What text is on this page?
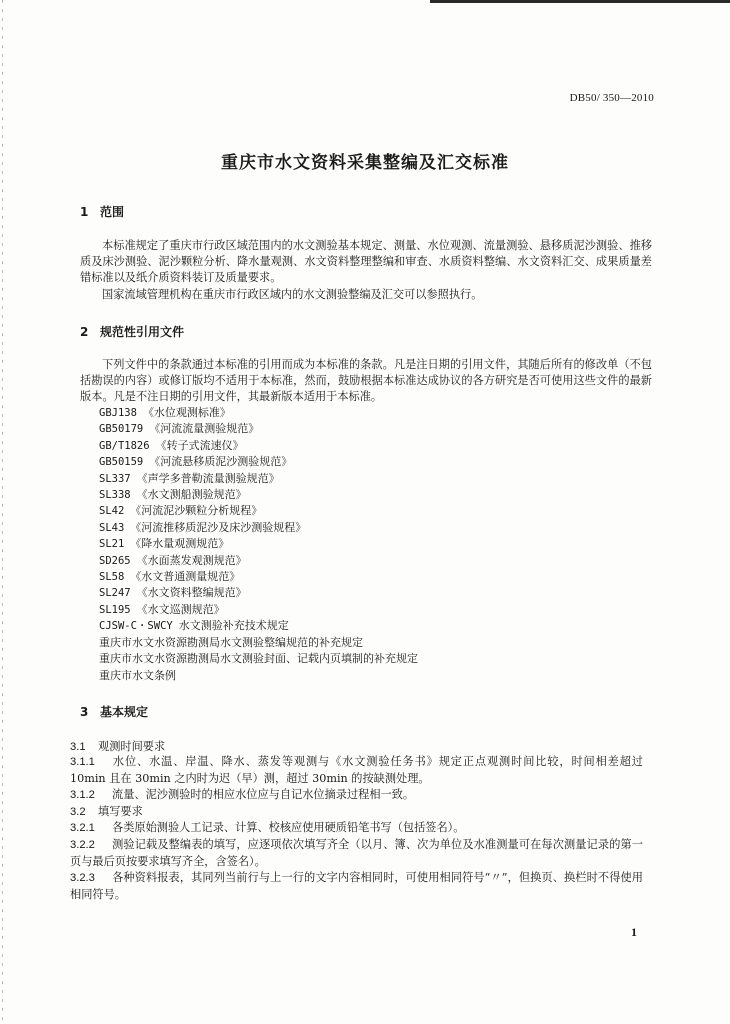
DB50/ 350—2010
重庆市水文资料采集整编及汇交标准
1 范围
本标准规定了重庆市行政区域范围内的水文测验基本规定、测量、水位观测、流量测验、悬移质泥沙测验、推移质及床沙测验、泥沙颗粒分析、降水量观测、水文资料整理整编和审查、水质资料整编、水文资料汇交、成果质量差错标准以及纸介质资料装订及质量要求。
国家流域管理机构在重庆市行政区域内的水文测验整编及汇交可以参照执行。
2 规范性引用文件
下列文件中的条款通过本标准的引用而成为本标准的条款。凡是注日期的引用文件，其随后所有的修改单（不包括勘误的内容）或修订版均不适用于本标准，然而，鼓励根据本标准达成协议的各方研究是否可使用这些文件的最新版本。凡是不注日期的引用文件，其最新版本适用于本标准。
GBJ138 《水位观测标准》
GB50179 《河流流量测验规范》
GB/T1826 《转子式流速仪》
GB50159 《河流悬移质泥沙测验规范》
SL337 《声学多普勒流量测验规范》
SL338 《水文测船测验规范》
SL42 《河流泥沙颗粒分析规程》
SL43 《河流推移质泥沙及床沙测验规程》
SL21 《降水量观测规范》
SD265 《水面蒸发观测规范》
SL58 《水文普通测量规范》
SL247 《水文资料整编规范》
SL195 《水文巡测规范》
CJSW-C・SWCY 水文测验补充技术规定
重庆市水文水资源勘测局水文测验整编规范的补充规定
重庆市水文水资源勘测局水文测验封面、记载内页填制的补充规定
重庆市水文条例
3 基本规定
3.1 观测时间要求
3.1.1 水位、水温、岸温、降水、蒸发等观测与《水文测验任务书》规定正点观测时间比较，时间相差超过 10min 且在 30min 之内时为迟（早）测，超过 30min 的按缺测处理。
3.1.2 流量、泥沙测验时的相应水位应与自记水位摘录过程相一致。
3.2 填写要求
3.2.1 各类原始测验人工记录、计算、校核应使用硬质铅笔书写（包括签名）。
3.2.2 测验记载及整编表的填写，应逐项依次填写齐全（以月、簿、次为单位及水准测量可在每次测量记录的第一页与最后页按要求填写齐全，含签名）。
3.2.3 各种资料报表，其同列当前行与上一行的文字内容相同时，可使用相同符号“〃”，但换页、换栏时不得使用相同符号。
1
